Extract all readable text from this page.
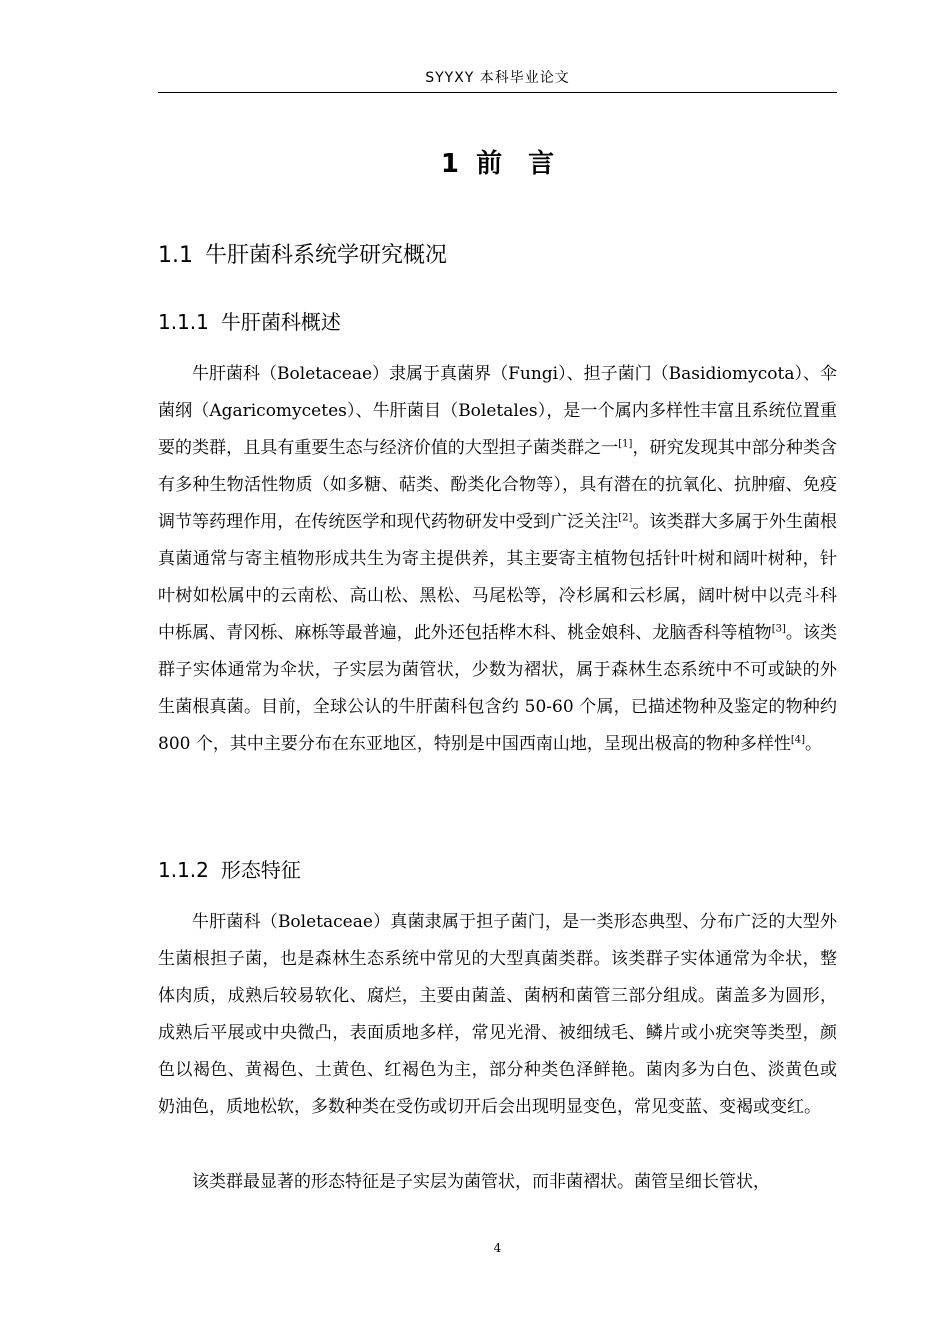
SYYXY 本科毕业论文
1 前　言
1.1 牛肝菌科系统学研究概况
1.1.1 牛肝菌科概述

牛肝菌科（Boletaceae）隶属于真菌界（Fungi）、担子菌门（Basidiomycota）、伞菌纲（Agaricomycetes）、牛肝菌目（Boletales），是一个属内多样性丰富且系统位置重要的类群，且具有重要生态与经济价值的大型担子菌类群之一[1]，研究发现其中部分种类含有多种生物活性物质（如多糖、萜类、酚类化合物等），具有潜在的抗氧化、抗肿瘤、免疫调节等药理作用，在传统医学和现代药物研发中受到广泛关注[2]。该类群大多属于外生菌根真菌通常与寄主植物形成共生为寄主提供养，其主要寄主植物包括针叶树和阔叶树种，针叶树如松属中的云南松、高山松、黑松、马尾松等，冷杉属和云杉属，阔叶树中以壳斗科中栎属、青冈栎、麻栎等最普遍，此外还包括桦木科、桃金娘科、龙脑香科等植物[3]。该类群子实体通常为伞状，子实层为菌管状，少数为褶状，属于森林生态系统中不可或缺的外生菌根真菌。目前，全球公认的牛肝菌科包含约 50-60 个属，已描述物种及鉴定的物种约 800 个，其中主要分布在东亚地区，特别是中国西南山地，呈现出极高的物种多样性[4]。

1.1.2 形态特征

牛肝菌科（Boletaceae）真菌隶属于担子菌门，是一类形态典型、分布广泛的大型外生菌根担子菌，也是森林生态系统中常见的大型真菌类群。该类群子实体通常为伞状，整体肉质，成熟后较易软化、腐烂，主要由菌盖、菌柄和菌管三部分组成。菌盖多为圆形，成熟后平展或中央微凸，表面质地多样，常见光滑、被细绒毛、鳞片或小疣突等类型，颜色以褐色、黄褐色、土黄色、红褐色为主，部分种类色泽鲜艳。菌肉多为白色、淡黄色或奶油色，质地松软，多数种类在受伤或切开后会出现明显变色，常见变蓝、变褐或变红。

该类群最显著的形态特征是子实层为菌管状，而非菌褶状。菌管呈细长管状，

4
